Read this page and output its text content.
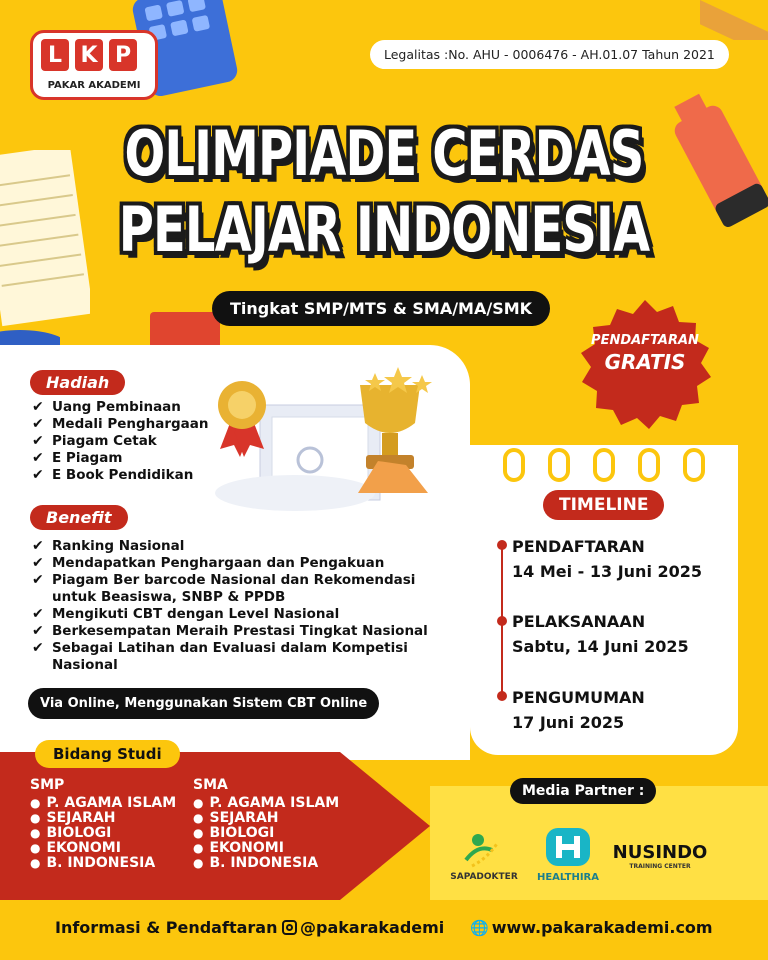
L K P
PAKAR AKADEMI
Legalitas :No. AHU - 0006476 - AH.01.07 Tahun 2021
OLIMPIADE CERDAS
PELAJAR INDONESIA
Tingkat SMP/MTS & SMA/MA/SMK
PENDAFTARAN
GRATIS
Hadiah
✔ Uang Pembinaan
✔ Medali Penghargaan
✔ Piagam Cetak
✔ E Piagam
✔ E Book Pendidikan
Benefit
✔ Ranking Nasional
✔ Mendapatkan Penghargaan dan Pengakuan
✔ Piagam Ber barcode Nasional dan Rekomendasi untuk Beasiswa, SNBP & PPDB
✔ Mengikuti CBT dengan Level Nasional
✔ Berkesempatan Meraih Prestasi Tingkat Nasional
✔ Sebagai Latihan dan Evaluasi dalam Kompetisi Nasional
Via Online, Menggunakan Sistem CBT Online
TIMELINE
PENDAFTARAN
14 Mei - 13 Juni 2025
PELAKSANAAN
Sabtu, 14 Juni 2025
PENGUMUMAN
17 Juni 2025
Media Partner :
SAPADOKTER	HEALTHIRA
NUSINDO
TRAINING CENTER
Bidang Studi
SMP
● P. AGAMA ISLAM
● SEJARAH
● BIOLOGI
● EKONOMI
● B. INDONESIA
SMA
● P. AGAMA ISLAM
● SEJARAH
● BIOLOGI
● EKONOMI
● B. INDONESIA
Informasi & Pendaftaran	@pakarakademi 🌐 www.pakarakademi.com
